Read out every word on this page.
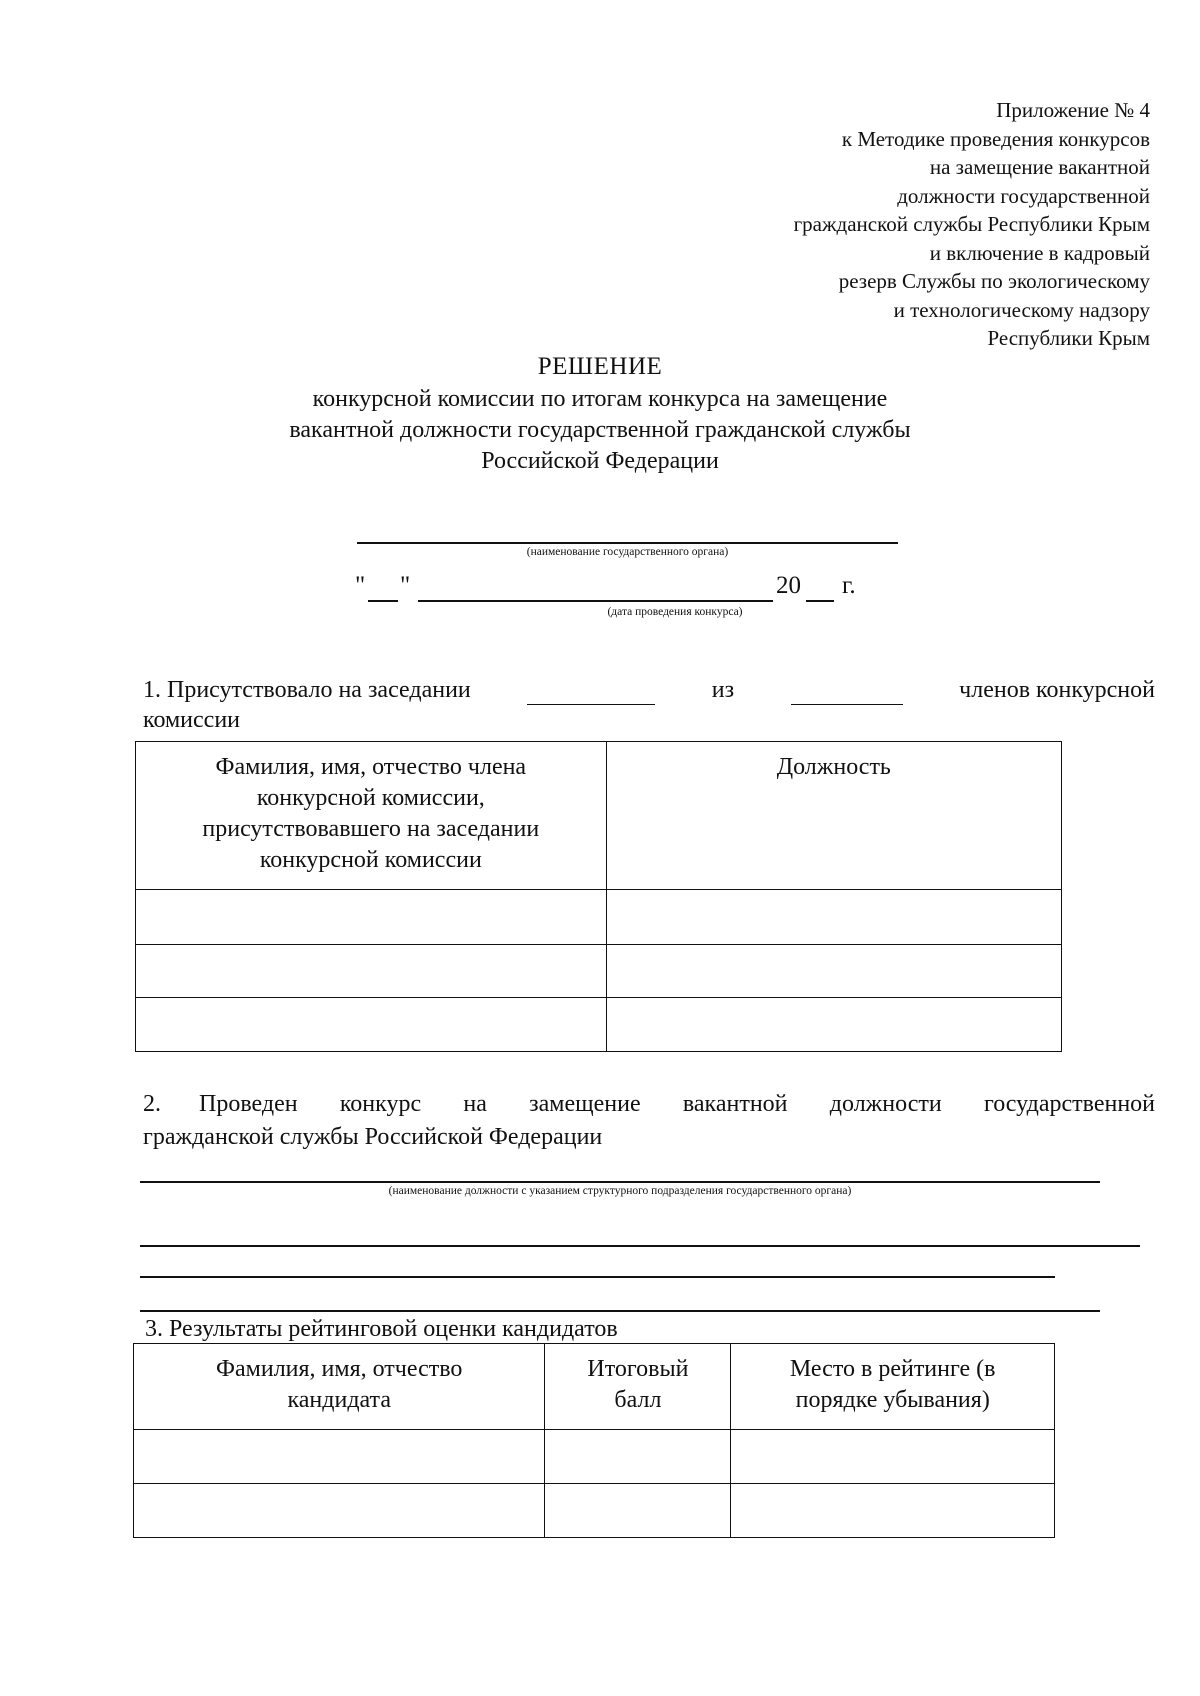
Приложение № 4
к Методике проведения конкурсов
на замещение вакантной
должности государственной
гражданской службы Республики Крым
и включение в кадровый
резерв Службы по экологическому
и технологическому надзору
Республики Крым
РЕШЕНИЕ
конкурсной комиссии по итогам конкурса на замещение
вакантной должности государственной гражданской службы
Российской Федерации
(наименование государственного органа)
" "	20 г.
(дата проведения конкурса)
1. Присутствовало на заседании	из	членов конкурсной
комиссии
Фамилия, имя, отчество члена конкурсной комиссии, присутствовавшего на заседании конкурсной комиссии	Должность

2. Проведен конкурс на замещение вакантной должности государственной
гражданской службы Российской Федерации
(наименование должности с указанием структурного подразделения государственного органа)
3. Результаты рейтинговой оценки кандидатов
Фамилия, имя, отчество кандидата	Итоговый балл	Место в рейтинге (в порядке убывания)
